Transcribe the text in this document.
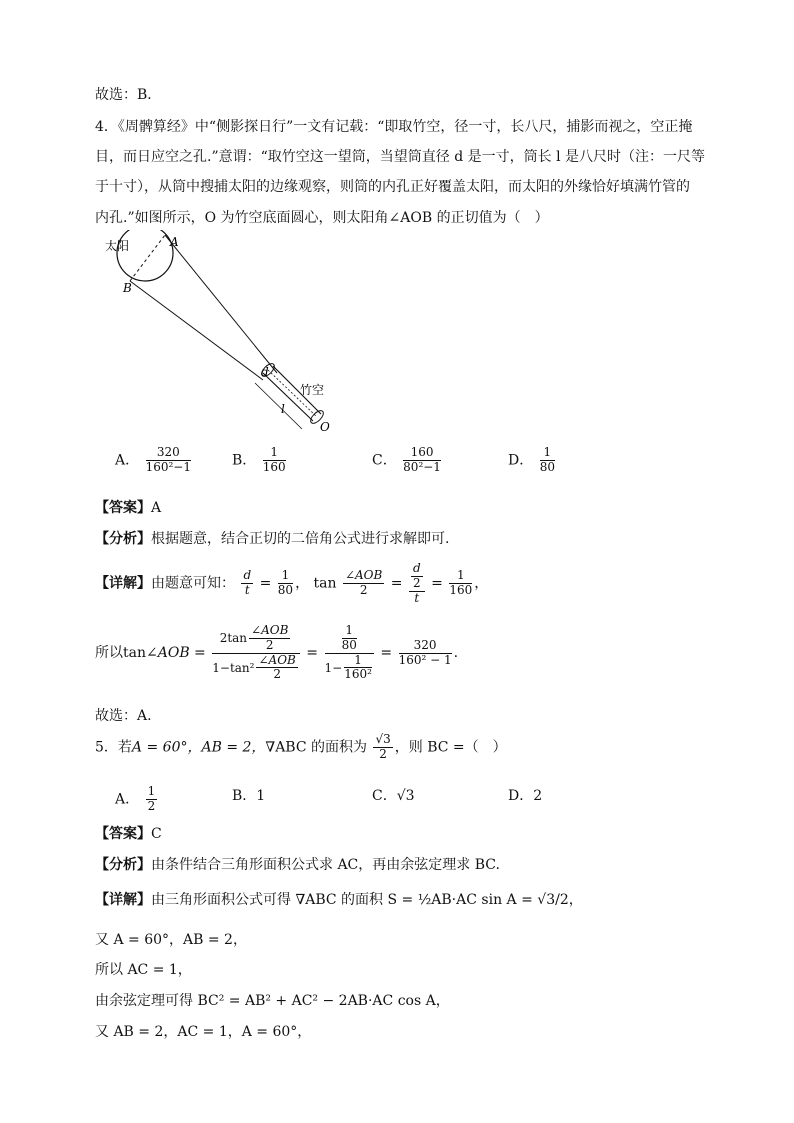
故选：B．
4．《周髀算经》中“侧影探日行”一文有记载：“即取竹空，径一寸，长八尺，捕影而视之，空正掩
目，而日应空之孔.”意谓：“取竹空这一望筒，当望筒直径 d 是一寸，筒长 l 是八尺时（注：一尺等
于十寸），从筒中搜捕太阳的边缘观察，则筒的内孔正好覆盖太阳，而太阳的外缘恰好填满竹管的
内孔.”如图所示，O 为竹空底面圆心，则太阳角∠AOB 的正切值为（　）
太阳	A
B
d
l
竹空
O
A． $\frac{320}{\text{160²−1}}$	B． $\frac{1}{160}$	C． $\frac{160}{\text{80²−1}}$	D． $\frac{1}{80}$
【答案】A
【分析】根据题意，结合正切的二倍角公式进行求解即可.
【详解】由题意可知： $\frac{d}{t} = \frac{1}{80}$ ， $\tan \frac{\text{∠AOB}}{2} = \frac{\frac{d}{2}}{t} = \frac{1}{160}$ ，
所以tan∠AOB = $\frac{2\tan \frac{\text{∠AOB}}{2}}{1-\tan^2 \frac{\text{∠AOB}}{2}} = \frac{\frac{1}{80}}{1- \frac{1}{\text{160²}}} = \frac{320}{\text{160² − 1}}$ .
故选：A.
5．若A = 60°，AB = 2，∇ABC 的面积为 $\frac{√3}{2}$ ，则 BC =（　）
A． $\frac{1}{2}$	B．1	C．√3	D．2
【答案】C
【分析】由条件结合三角形面积公式求 AC，再由余弦定理求 BC.
【详解】由三角形面积公式可得 ∇ABC 的面积 S = ½AB·AC sin A = √3/2，
又 A = 60°，AB = 2，
所以 AC = 1，
由余弦定理可得 BC² = AB² + AC² − 2AB·AC cos A，
又 AB = 2，AC = 1，A = 60°，
